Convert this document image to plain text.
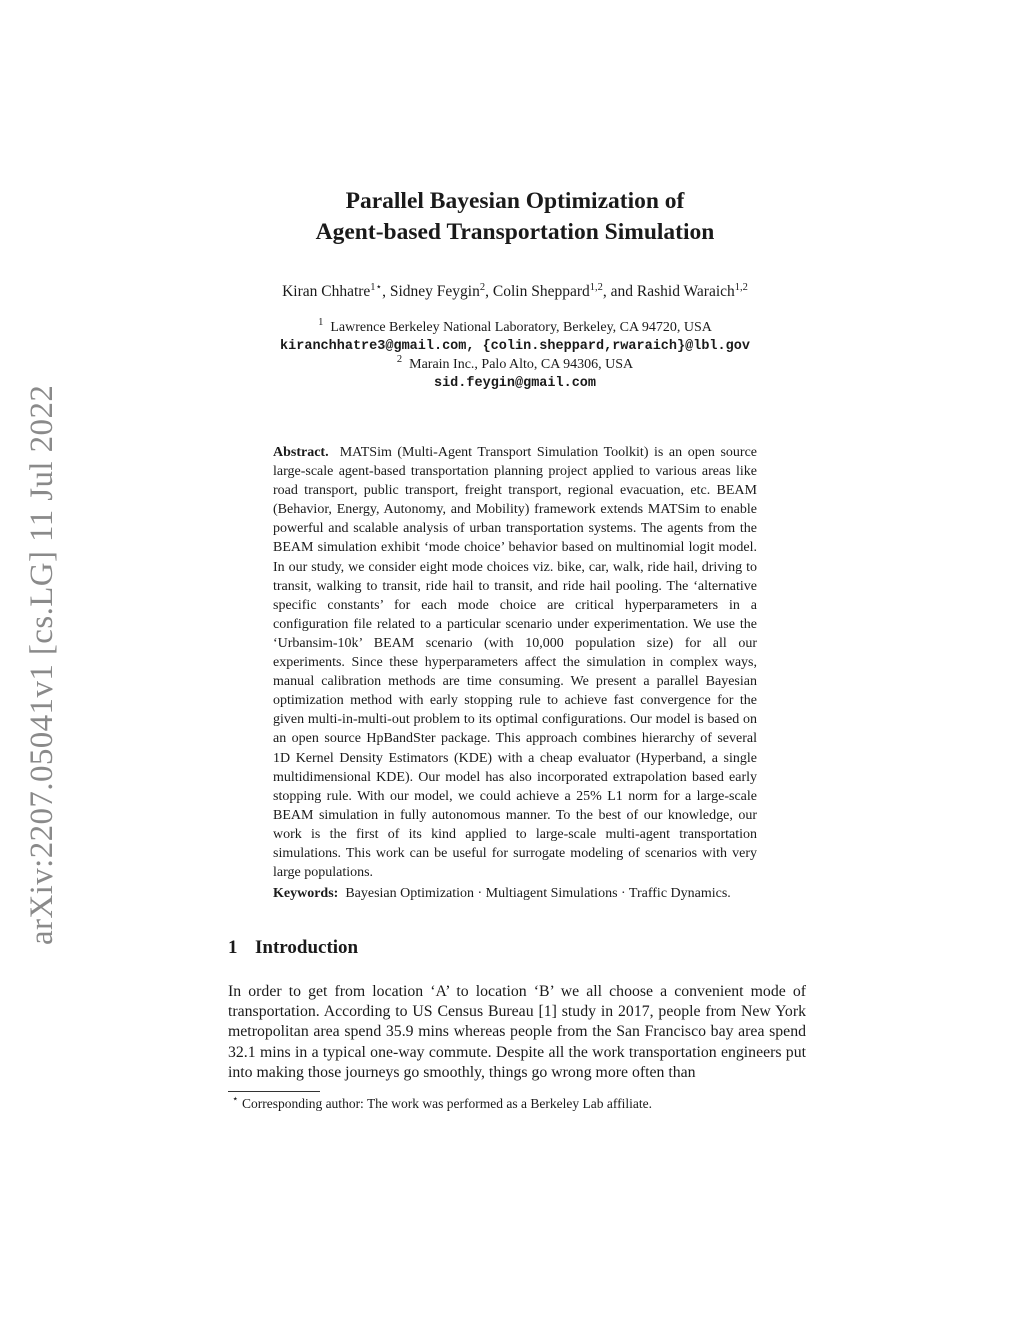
arXiv:2207.05041v1 [cs.LG] 11 Jul 2022
Parallel Bayesian Optimization of
Agent-based Transportation Simulation
Kiran Chhatre$^{1⋆}$, Sidney Feygin$^2$, Colin Sheppard$^{1,2}$, and Rashid Waraich$^{1,2}$
$^1$ Lawrence Berkeley National Laboratory, Berkeley, CA 94720, USA
kiranchhatre3@gmail.com, {colin.sheppard,rwaraich}@lbl.gov
$^2$ Marain Inc., Palo Alto, CA 94306, USA
sid.feygin@gmail.com
Abstract. MATSim (Multi-Agent Transport Simulation Toolkit) is an open source large-scale agent-based transportation planning project applied to various areas like road transport, public transport, freight transport, regional evacuation, etc. BEAM (Behavior, Energy, Autonomy, and Mobility) framework extends MATSim to enable powerful and scalable analysis of urban transportation systems. The agents from the BEAM simulation exhibit ‘mode choice’ behavior based on multinomial logit model. In our study, we consider eight mode choices viz. bike, car, walk, ride hail, driving to transit, walking to transit, ride hail to transit, and ride hail pooling. The ‘alternative specific constants’ for each mode choice are critical hyperparameters in a configuration file related to a particular scenario under experimentation. We use the ‘Urbansim-10k’ BEAM scenario (with 10,000 population size) for all our experiments. Since these hyperparameters affect the simulation in complex ways, manual calibration methods are time consuming. We present a parallel Bayesian optimization method with early stopping rule to achieve fast convergence for the given multi-in-multi-out problem to its optimal configurations. Our model is based on an open source HpBandSter package. This approach combines hierarchy of several 1D Kernel Density Estimators (KDE) with a cheap evaluator (Hyperband, a single multidimensional KDE). Our model has also incorporated extrapolation based early stopping rule. With our model, we could achieve a 25% L1 norm for a large-scale BEAM simulation in fully autonomous manner. To the best of our knowledge, our work is the first of its kind applied to large-scale multi-agent transportation simulations. This work can be useful for surrogate modeling of scenarios with very large populations.
Keywords: Bayesian Optimization · Multiagent Simulations · Traffic Dynamics.
1 Introduction
In order to get from location ‘A’ to location ‘B’ we all choose a convenient mode of transportation. According to US Census Bureau [1] study in 2017, people from New York metropolitan area spend 35.9 mins whereas people from the San Francisco bay area spend 32.1 mins in a typical one-way commute. Despite all the work transportation engineers put into making those journeys go smoothly, things go wrong more often than
⋆ Corresponding author: The work was performed as a Berkeley Lab affiliate.
